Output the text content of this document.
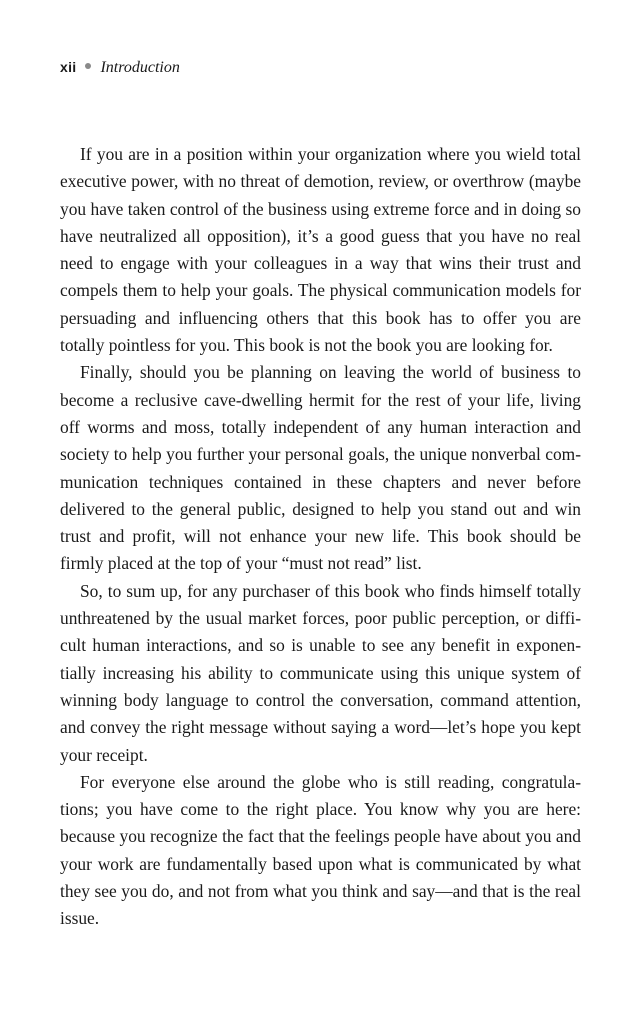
xii Introduction

If you are in a position within your organization where you wield total executive power, with no threat of demotion, review, or overthrow (maybe you have taken control of the business using extreme force and in doing so have neutralized all opposition), it’s a good guess that you have no real need to engage with your colleagues in a way that wins their trust and compels them to help your goals. The physical communication models for persuading and influencing others that this book has to offer you are totally pointless for you. This book is not the book you are looking for.

Finally, should you be planning on leaving the world of business to become a reclusive cave-dwelling hermit for the rest of your life, living off worms and moss, totally independent of any human interaction and society to help you further your personal goals, the unique nonverbal communication techniques contained in these chapters and never before delivered to the general public, designed to help you stand out and win trust and profit, will not enhance your new life. This book should be firmly placed at the top of your “must not read” list.

So, to sum up, for any purchaser of this book who finds himself totally unthreatened by the usual market forces, poor public perception, or difficult human interactions, and so is unable to see any benefit in exponentially increasing his ability to communicate using this unique system of winning body language to control the conversation, command attention, and convey the right message without saying a word—let’s hope you kept your receipt.

For everyone else around the globe who is still reading, congratulations; you have come to the right place. You know why you are here: because you recognize the fact that the feelings people have about you and your work are fundamentally based upon what is communicated by what they see you do, and not from what you think and say—and that is the real issue.
